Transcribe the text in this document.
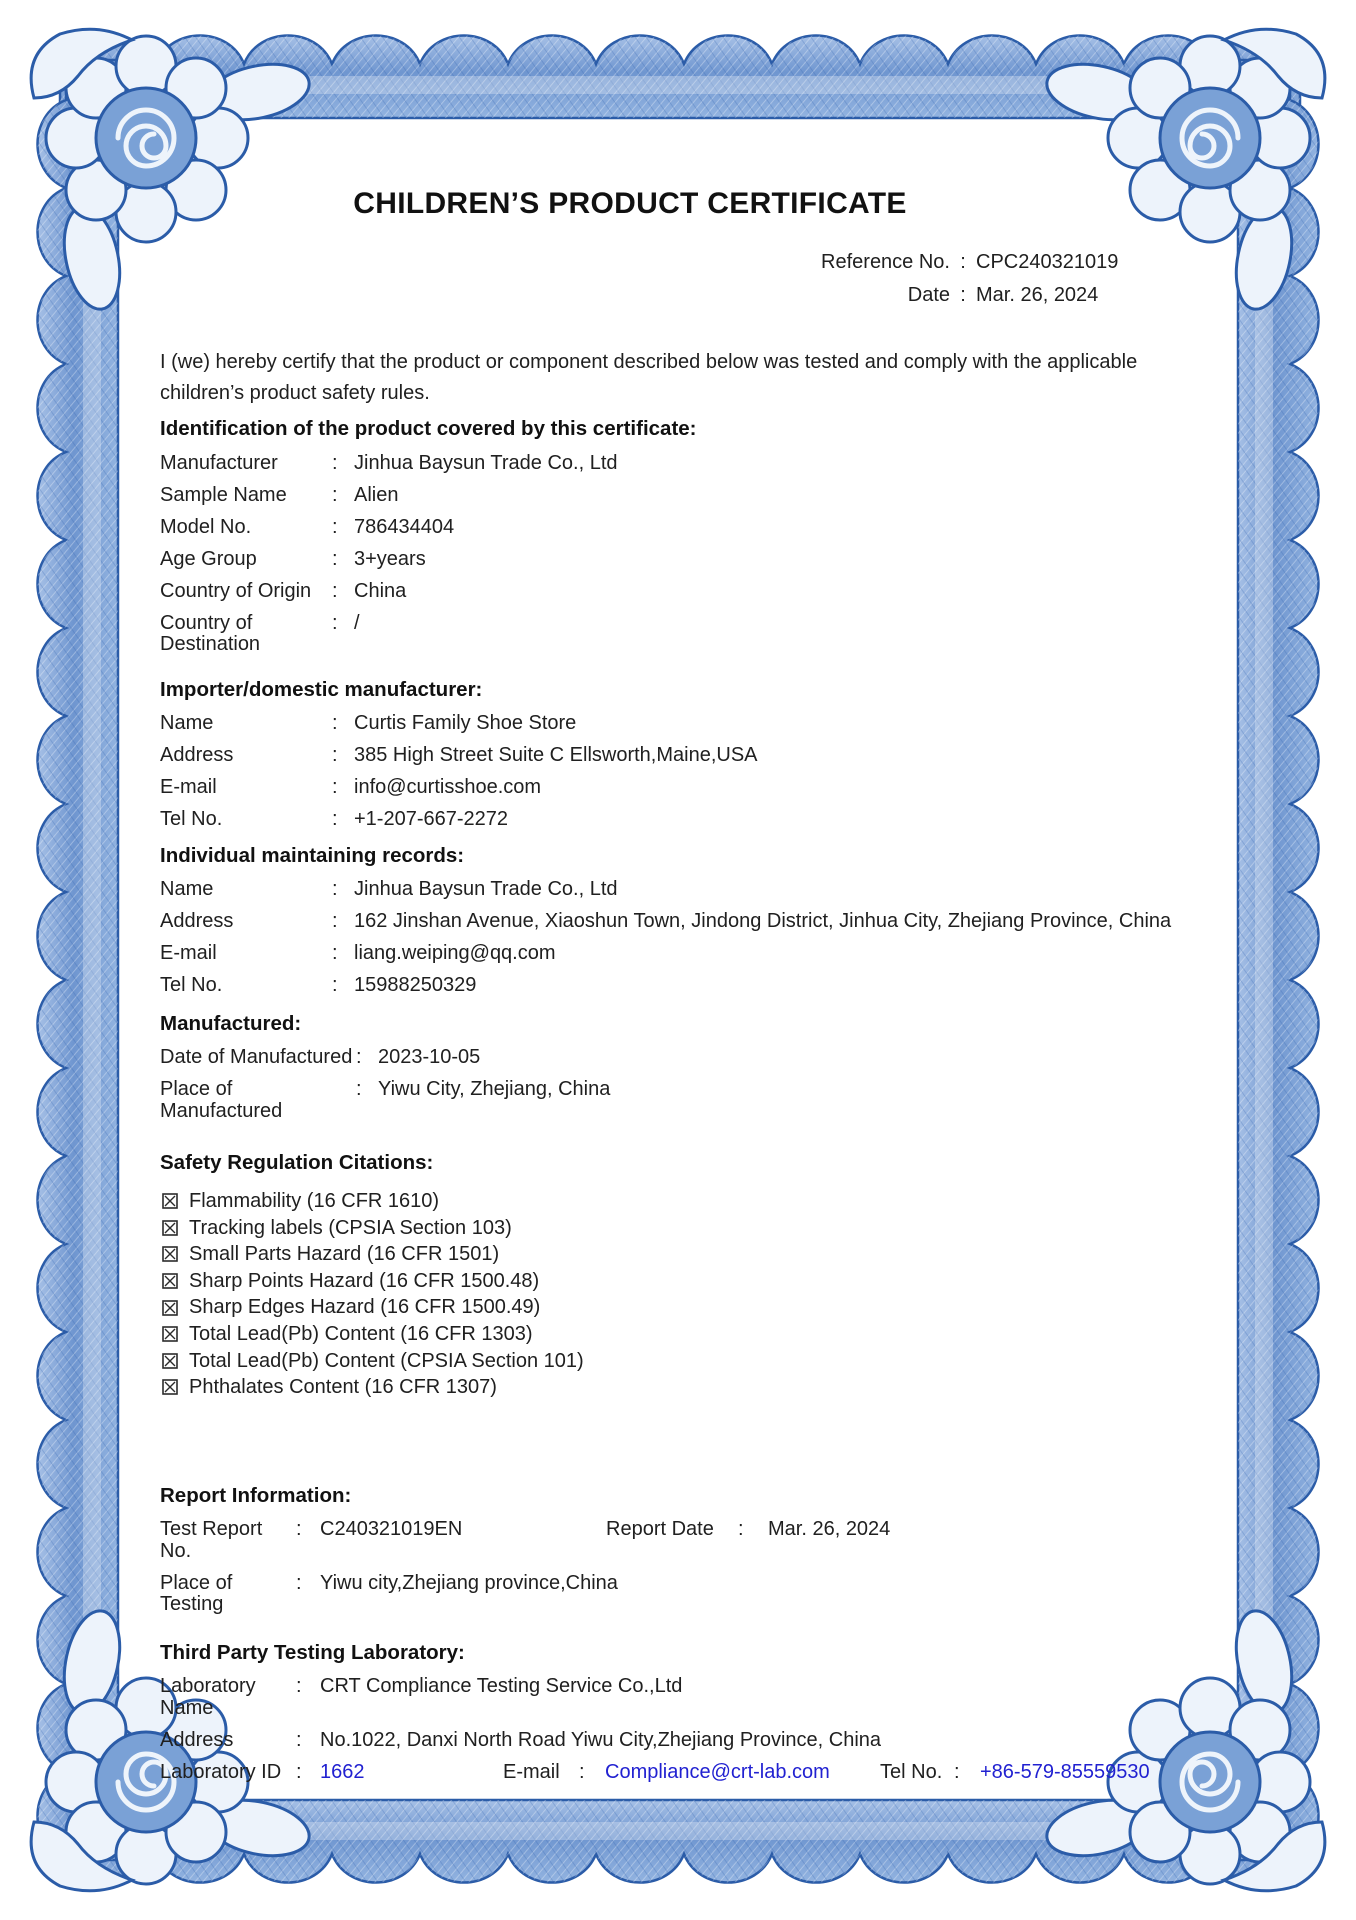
CHILDREN’S PRODUCT CERTIFICATE
Reference No. : CPC240321019
Date : Mar. 26, 2024

I (we) hereby certify that the product or component described below was tested and comply with the applicable children’s product safety rules.

Identification of the product covered by this certificate:
Manufacturer	: Jinhua Baysun Trade Co., Ltd
Sample Name	: Alien
Model No.	: 786434404
Age Group	: 3+years
Country of Origin	: China
Country of Destination
: /
Importer/domestic manufacturer:
Name	: Curtis Family Shoe Store
Address	: 385 High Street Suite C Ellsworth,Maine,USA
E-mail	: info@curtisshoe.com
Tel No.	: +1-207-667-2272
Individual maintaining records:
Name	: Jinhua Baysun Trade Co., Ltd
Address	: 162 Jinshan Avenue, Xiaoshun Town, Jindong District, Jinhua City, Zhejiang Province, China
E-mail	: liang.weiping@qq.com
Tel No.	: 15988250329
Manufactured:
Date of Manufactured : 2023-10-05
Place of Manufactured
: Yiwu City, Zhejiang, China
Safety Regulation Citations:
Flammability (16 CFR 1610)
Tracking labels (CPSIA Section 103)
Small Parts Hazard (16 CFR 1501)
Sharp Points Hazard (16 CFR 1500.48)
Sharp Edges Hazard (16 CFR 1500.49)
Total Lead(Pb) Content (16 CFR 1303)
Total Lead(Pb) Content (CPSIA Section 101)
Phthalates Content (16 CFR 1307)
Report Information:
Test Report No.
: C240321019EN	Report Date	:	Mar. 26, 2024
Place of Testing
: Yiwu city,Zhejiang province,China
Third Party Testing Laboratory:
Laboratory Name
: CRT Compliance Testing Service Co.,Ltd
Address	: No.1022, Danxi North Road Yiwu City,Zhejiang Province, China
Laboratory ID : 1662	E-mail :	Compliance@crt-lab.com	Tel No. :	+86-579-85559530
